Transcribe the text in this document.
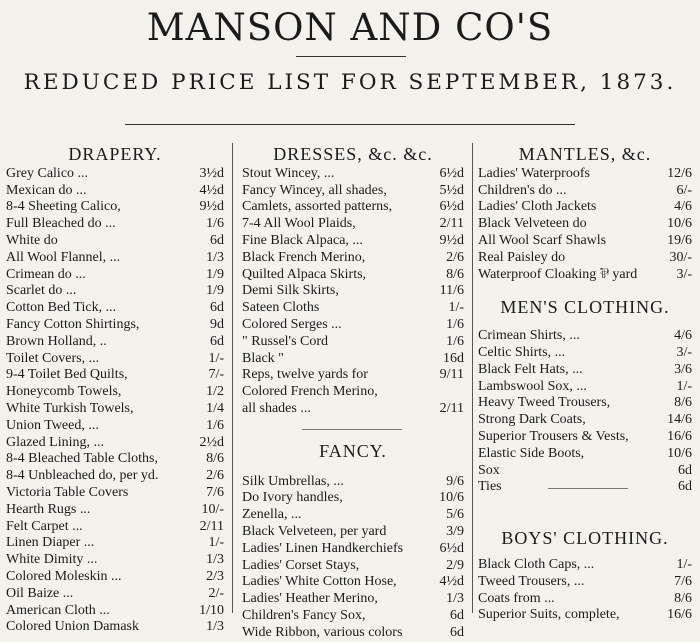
MANSON AND CO'S
REDUCED PRICE LIST FOR SEPTEMBER, 1873.
DRAPERY.
Grey Calico ...	3½d
Mexican do ...	4½d
8-4 Sheeting Calico,	9½d
Full Bleached do ...	1/6
White do	6d
All Wool Flannel, ...	1/3
Crimean do ...	1/9
Scarlet do ...	1/9
Cotton Bed Tick, ...	6d
Fancy Cotton Shirtings,	9d
Brown Holland, ..	6d
Toilet Covers, ...	1/-
9-4 Toilet Bed Quilts,	7/-
Honeycomb Towels,	1/2
White Turkish Towels,	1/4
Union Tweed, ...	1/6
Glazed Lining, ...	2½d
8-4 Bleached Table Cloths,	8/6
8-4 Unbleached do, per yd.	2/6
Victoria Table Covers	7/6
Hearth Rugs ...	10/-
Felt Carpet ...	2/11
Linen Diaper ...	1/-
White Dimity ...	1/3
Colored Moleskin ...	2/3
Oil Baize ...	2/-
American Cloth ...	1/10
Colored Union Damask	1/3
DRESSES, &c. &c.
Stout Wincey, ...	6½d
Fancy Wincey, all shades,	5½d
Camlets, assorted patterns,	6½d
7-4 All Wool Plaids,	2/11
Fine Black Alpaca, ...	9½d
Black French Merino,	2/6
Quilted Alpaca Skirts,	8/6
Demi Silk Skirts,	11/6
Sateen Cloths	1/-
Colored Serges ...	1/6
" Russel's Cord	1/6
Black "	16d
Reps, twelve yards for	9/11
Colored French Merino,
all shades ...	2/11
FANCY.
Silk Umbrellas, ...	9/6
Do Ivory handles,	10/6
Zenella, ...	5/6
Black Velveteen, per yard	3/9
Ladies' Linen Handkerchiefs	6½d
Ladies' Corset Stays,	2/9
Ladies' White Cotton Hose,	4½d
Ladies' Heather Merino,	1/3
Children's Fancy Sox,	6d
Wide Ribbon, various colors	6d
MANTLES, &c.
Ladies' Waterproofs	12/6
Children's do ...	6/-
Ladies' Cloth Jackets	4/6
Black Velveteen do	10/6
All Wool Scarf Shawls	19/6
Real Paisley do	30/-
Waterproof Cloaking ⅌ yard	3/-
MEN'S CLOTHING.
Crimean Shirts, ...	4/6
Celtic Shirts, ...	3/-
Black Felt Hats, ...	3/6
Lambswool Sox, ...	1/-
Heavy Tweed Trousers,	8/6
Strong Dark Coats,	14/6
Superior Trousers & Vests,	16/6
Elastic Side Boots,	10/6
Sox	6d
Ties	6d
BOYS' CLOTHING.
Black Cloth Caps, ...	1/-
Tweed Trousers, ...	7/6
Coats from ...	8/6
Superior Suits, complete,	16/6
